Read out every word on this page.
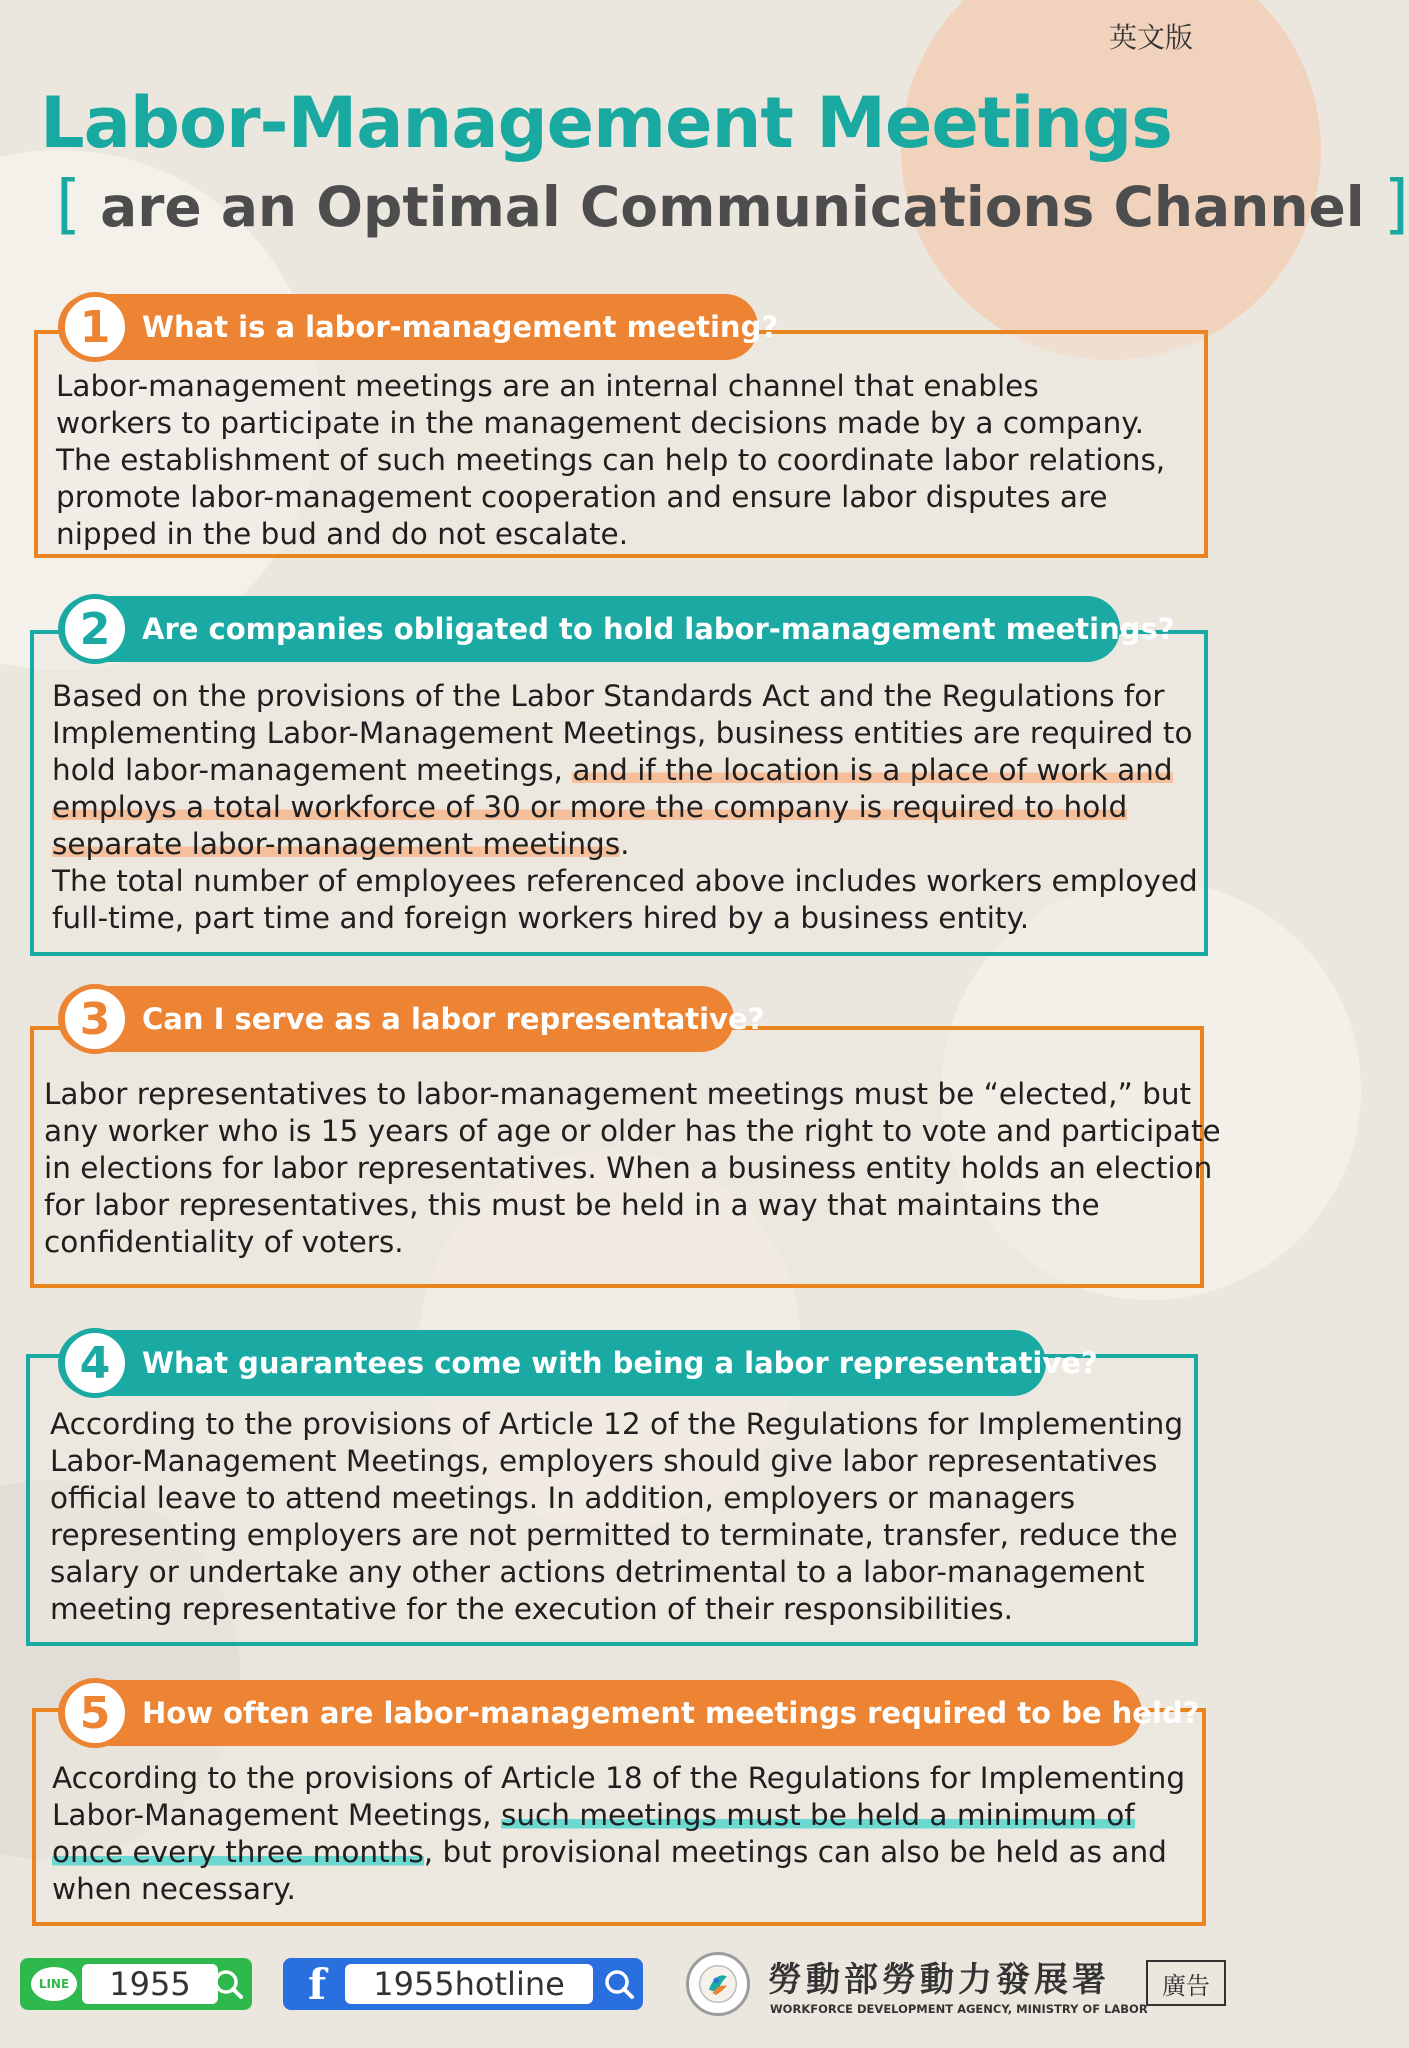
英文版
Labor-Management Meetings
[ are an Optimal Communications Channel ]
1	What is a labor-management meeting?
Labor-management meetings are an internal channel that enables
workers to participate in the management decisions made by a company.
The establishment of such meetings can help to coordinate labor relations,
promote labor-management cooperation and ensure labor disputes are
nipped in the bud and do not escalate.
2	Are companies obligated to hold labor-management meetings?
Based on the provisions of the Labor Standards Act and the Regulations for
Implementing Labor-Management Meetings, business entities are required to
hold labor-management meetings, and if the location is a place of work and
employs a total workforce of 30 or more the company is required to hold
separate labor-management meetings.
The total number of employees referenced above includes workers employed
full-time, part time and foreign workers hired by a business entity.
3	Can I serve as a labor representative?
Labor representatives to labor-management meetings must be “elected,” but
any worker who is 15 years of age or older has the right to vote and participate
in elections for labor representatives. When a business entity holds an election
for labor representatives, this must be held in a way that maintains the
confidentiality of voters.
4	What guarantees come with being a labor representative?
According to the provisions of Article 12 of the Regulations for Implementing
Labor-Management Meetings, employers should give labor representatives
official leave to attend meetings. In addition, employers or managers
representing employers are not permitted to terminate, transfer, reduce the
salary or undertake any other actions detrimental to a labor-management
meeting representative for the execution of their responsibilities.
5	How often are labor-management meetings required to be held?
According to the provisions of Article 18 of the Regulations for Implementing
Labor-Management Meetings, such meetings must be held a minimum of
once every three months, but provisional meetings can also be held as and
when necessary.
LINE	1955	f	1955hotline	勞動部勞動力發展署
WORKFORCE DEVELOPMENT AGENCY, MINISTRY OF LABOR
廣告
